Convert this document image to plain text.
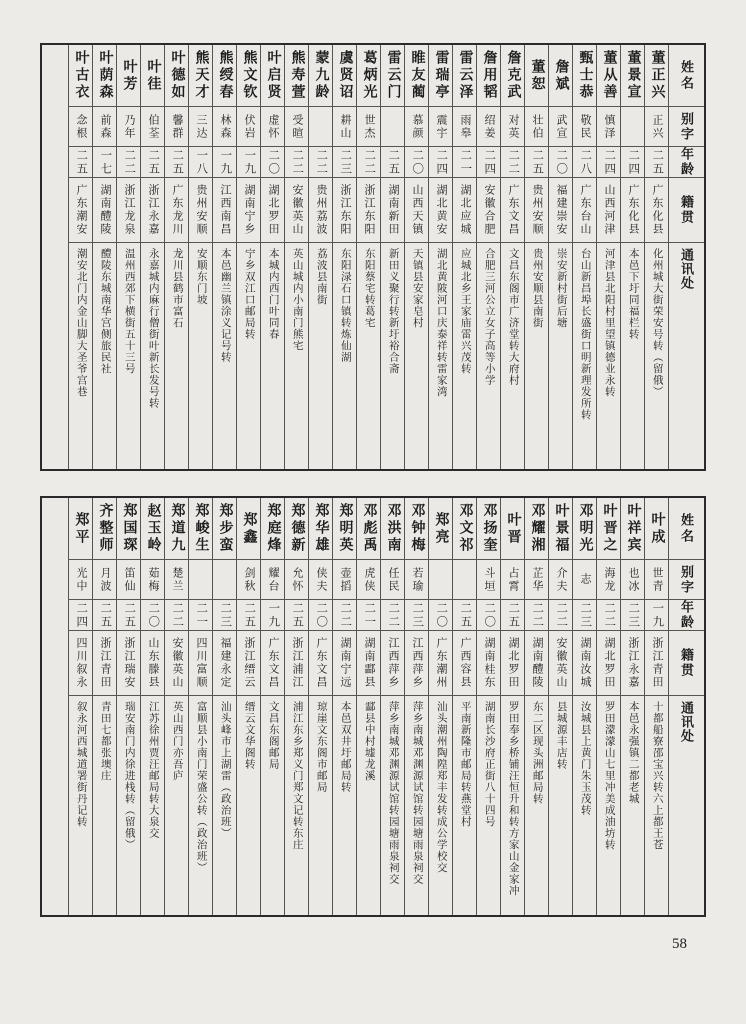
姓名
别字
年龄
籍贯
通讯处
董正兴
正兴
二五
广东化县
化州城大街荣安号转（留俄）
董景宣
二四
广东化县
本邑下圩同福栏转
董从善
慎泽
二四
山西河津
河津县北阳村里望镇德业永转
甄士恭
敬民
二八
广东台山
台山新昌埠长盛街口明新理发所转
詹斌
武宣
二〇
福建崇安
崇安新村街后塘
董恕
壮伯
二五
贵州安顺
贵州安顺县南街
詹克武
对英
二二
广东文昌
文昌东阁市广济堂转大府村
詹用韬
绍姜
二四
安徽合肥
合肥三河公立女子高等小学
雷云泽
雨皋
二一
湖北应城
应城北乡王家庙雷兴茂转
雷瑞亭
震宇
二四
湖北黄安
湖北黄陂河口庆泰祥转雷家湾
睢友蔺
慕颜
二〇
山西天镇
天镇县安家皂村
雷云门
二五
湖南新田
新田义聚行转新圩裕合斋
葛炳光
世杰
二二
浙江东阳
东阳蔡宅转葛宅
虞贤诏
耕山
二三
浙江东阳
东阳渌石口镇转炼仙湖
蒙九龄
二二
贵州荔波
荔波县南街
熊寿萱
受暄
二二
安徽英山
英山城内小南门熊宅
叶启贤
虚怀
二〇
湖北罗田
本城内西门叶同春
熊文钦
伏岩
一九
湖南宁乡
宁乡双江口邮局转
熊绶春
林森
一九
江西南昌
本邑幽兰镇涂义记号转
熊天才
三达
一八
贵州安顺
安顺东门坡
叶德如
馨群
二五
广东龙川
龙川县鹤市富石
叶徍
伯荃
二五
浙江永嘉
永嘉城内麻行僧街叶新长发号转
叶芳
乃年
二二
浙江龙泉
温州西郊下横街五十三号
叶荫森
前森
一七
湖南醴陵
醴陵东城南华宫侧旅民社
叶古衣
念根
二五
广东潮安
潮安北门内金山脚大圣爷宫巷
姓名
别字
年龄
籍贯
通讯处
叶成
世青
一九
浙江青田
十都船寮邵宝兴转六上都王苍
叶祥宾
也冰
二三
浙江永嘉
本邑永强镇二都老城
叶晋之
海龙
二二
湖北罗田
罗田濛濛山七里冲美成油坊转
邓明光
志
二三
湖南汝城
汝城县上黄门朱玉茂转
叶景福
介夫
二二
安徽英山
县城源丰店转
邓耀湘
芷华
二二
湖南醴陵
东二区现头洲邮局转
叶晋
占霄
二五
湖北罗田
罗田奉乡桥铺汪恒升和转方家山金家冲
邓扬奎
斗垣
二〇
湖南桂东
湖南长沙府正街八十四号
邓文祁
二五
广西容县
平南新隆市邮局转燕堂村
郑亮
二〇
广东潮州
汕头潮州陶隍郑丰发转成公学校交
邓钟梅
若瑜
二三
江西萍乡
萍乡南城邓渊源试馆转园塘雨泉祠交
邓洪南
任民
二二
江西萍乡
萍乡南城邓渊源试馆转园塘雨泉祠交
邓彪禹
虎侠
二一
湖南酃县
酃县中村墟龙溪
郑明英
壶搯
二二
湖南宁远
本邑双井圩邮局转
郑华雄
侠夫
二〇
广东文昌
琼崖文东阁市邮局
郑德新
允怀
二五
浙江浦江
浦江东乡郑义门郑文记转东庄
郑庭烽
耀台
一九
广东文昌
文昌东阁邮局
郑鑫
剑秋
二五
浙江缙云
缙云文华阁转
郑步蛮
二三
福建永定
汕头峰市上湖雷（政治班）
郑峻生
二一
四川富顺
富顺县小南门荣盛公转（政治班）
郑道九
楚兰
二二
安徽英山
英山西门亦吾庐
赵玉岭
茹梅
二〇
山东滕县
江苏徐州贾汪邮局转大泉交
郑国琛
笛仙
二五
浙江瑞安
瑞安南门内徐进栈转（留俄）
齐整师
月波
二五
浙江青田
青田七都张墺庄
郑平
光中
二四
四川叙永
叙永河西城道署街丹记转
58
